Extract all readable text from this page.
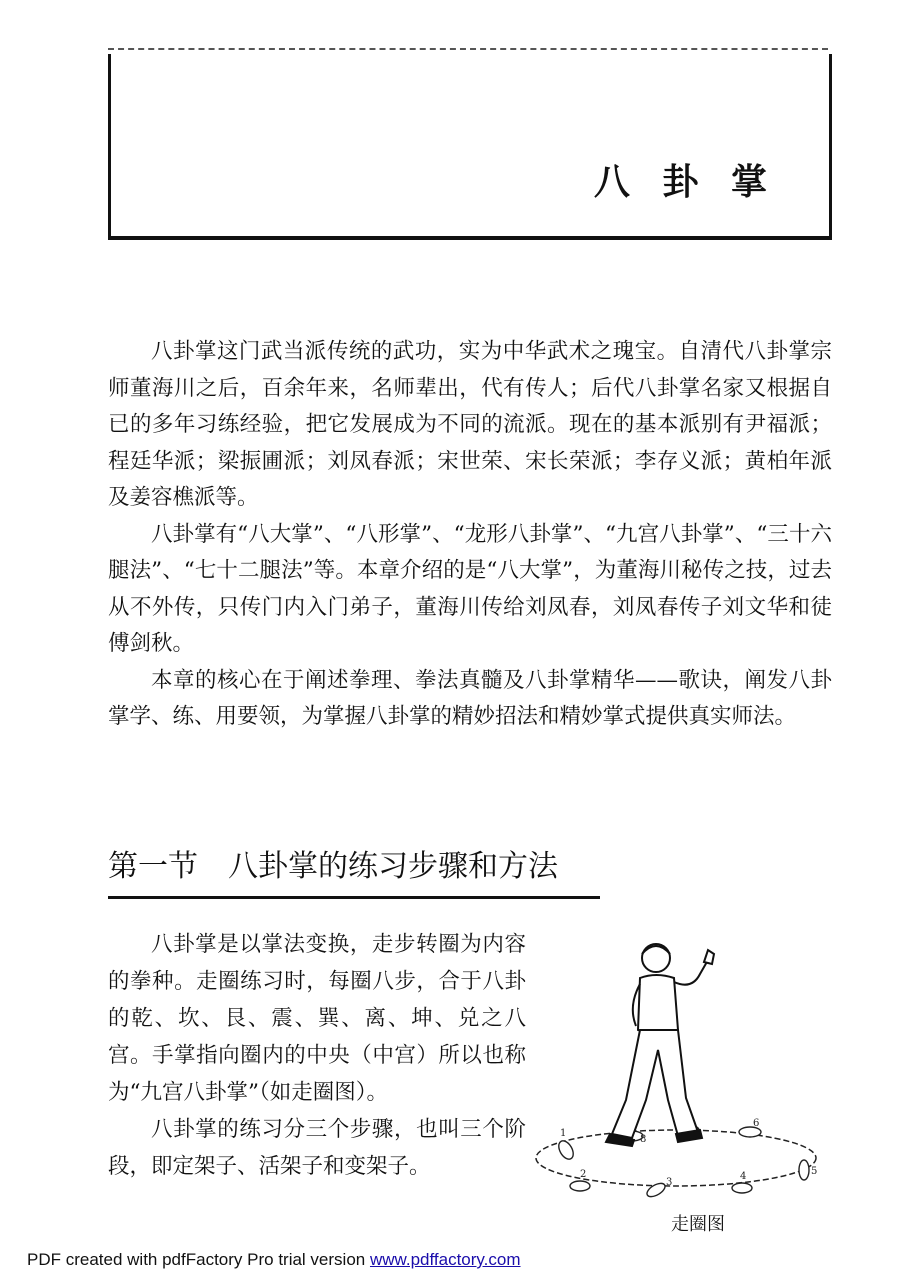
八 卦 掌

八卦掌这门武当派传统的武功，实为中华武术之瑰宝。自清代八卦掌宗师董海川之后，百余年来，名师辈出，代有传人；后代八卦掌名家又根据自已的多年习练经验，把它发展成为不同的流派。现在的基本派别有尹福派；程廷华派；梁振圃派；刘凤春派；宋世荣、宋长荣派；李存义派；黄柏年派及姜容樵派等。

八卦掌有“八大掌”、“八形掌”、“龙形八卦掌”、“九宫八卦掌”、“三十六腿法”、“七十二腿法”等。本章介绍的是“八大掌”，为董海川秘传之技，过去从不外传，只传门内入门弟子，董海川传给刘凤春，刘凤春传子刘文华和徒傅剑秋。

本章的核心在于阐述拳理、拳法真髓及八卦掌精华——歌诀，阐发八卦掌学、练、用要领，为掌握八卦掌的精妙招法和精妙掌式提供真实师法。

第一节　八卦掌的练习步骤和方法

八卦掌是以掌法变换，走步转圈为内容的拳种。走圈练习时，每圈八步，合于八卦的乾、坎、艮、震、巽、离、坤、兑之八宫。手掌指向圈内的中央（中宫）所以也称为“九宫八卦掌”（如走圈图）。

八卦掌的练习分三个步骤，也叫三个阶段，即定架子、活架子和变架子。

1
2
3
4	5
6
8
走圈图
PDF created with pdfFactory Pro trial version www.pdffactory.com
